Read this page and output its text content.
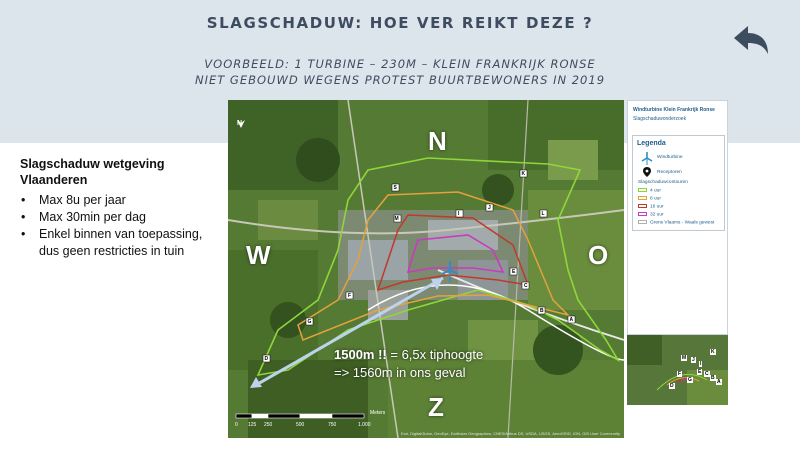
SLAGSCHADUW: HOE VER REIKT DEZE ?
VOORBEELD: 1 TURBINE – 230M – KLEIN FRANKRIJK RONSE
NIET GEBOUWD WEGENS PROTEST BUURTBEWONERS IN 2019
Slagschaduw wetgeving
Vlaanderen
• Max 8u per jaar
• Max 30min per dag
• Enkel binnen van toepassing,
dus geen restricties in tuin
N
W	O
Z
N
1500m !! = 6,5x tiphoogte
=> 1560m in ons geval
S
K
I
J
M
L
E
F
C
B
G	A
D
0 125 250	500	750	1.000
Meters
Esri, DigitalGlobe, GeoEye, Earthstar Geographics, CNES/Airbus DS, USDA, USGS, AeroGRID, IGN, GIS User Community
Windturbine Klein Frankrijk Ronse
Slagschaduwonderzoek
Legenda
Windturbine
Receptoren
Slagschaduwcontouren
4 uur
8 uur
16 uur
32 uur
Grens Vlaams - Waals gewest
M
K
J
I
E
F	C
B
A
D
G
